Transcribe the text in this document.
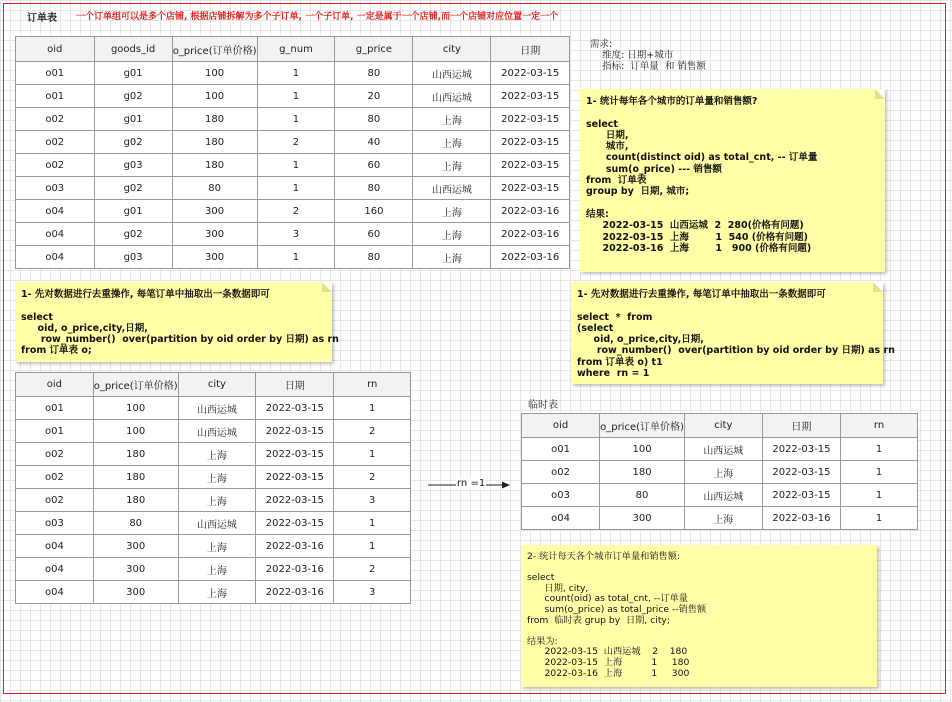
订单表 一个订单组可以是多个店铺, 根据店铺拆解为多个子订单, 一个子订单, 一定是属于一个店铺,而一个店铺对应位置一定一个
oid	goods_id	o_price(订单价格)	g_num	g_price	city	日期
o01	g01	100	1	80	山西运城	2022-03-15
o01	g02	100	1	20	山西运城	2022-03-15
o02	g01	180	1	80	上海	2022-03-15
o02	g02	180	2	40	上海	2022-03-15
o02	g03	180	1	60	上海	2022-03-15
o03	g02	80	1	80	山西运城	2022-03-15
o04	g01	300	2	160	上海	2022-03-16
o04	g02	300	3	60	上海	2022-03-16
o04	g03	300	1	80	上海	2022-03-16
需求:
维度: 日期+城市
指标:  订单量  和 销售额
1- 统计每年各个城市的订单量和销售额?

select
日期,
城市,
count(distinct oid) as total_cnt, -- 订单量
sum(o_price) --- 销售额
from  订单表
group by  日期, 城市;

结果:
2022-03-15  山西运城  2  280(价格有问题)
2022-03-15  上海        1  540 (价格有问题)
2022-03-16  上海        1   900 (价格有问题)
1- 先对数据进行去重操作, 每笔订单中抽取出一条数据即可

select
oid, o_price,city,日期,
row_number()  over(partition by oid order by 日期) as rn
from 订单表 o;
1- 先对数据进行去重操作, 每笔订单中抽取出一条数据即可

select  *  from
(select
oid, o_price,city,日期,
row_number()  over(partition by oid order by 日期) as rn
from 订单表 o) t1
where  rn = 1
oid	o_price(订单价格)	city	日期	rn
o01	100	山西运城	2022-03-15	1
o01	100	山西运城	2022-03-15	2
o02	180	上海	2022-03-15	1
o02	180	上海	2022-03-15	2
o02	180	上海	2022-03-15	3
o03	80	山西运城	2022-03-15	1
o04	300	上海	2022-03-16	1
o04	300	上海	2022-03-16	2
o04	300	上海	2022-03-16	3
rn =1
临时表
oid	o_price(订单价格)	city	日期	rn
o01	100	山西运城	2022-03-15	1
o02	180	上海	2022-03-15	1
o03	80	山西运城	2022-03-15	1
o04	300	上海	2022-03-16	1
2- 统计每天各个城市订单量和销售额:

select
日期, city,
count(oid) as total_cnt, --订单量
sum(o_price) as total_price --销售额
from  临时表 grup by  日期, city;

结果为:
2022-03-15  山西运城    2    180
2022-03-15  上海          1     180
2022-03-16  上海          1     300
